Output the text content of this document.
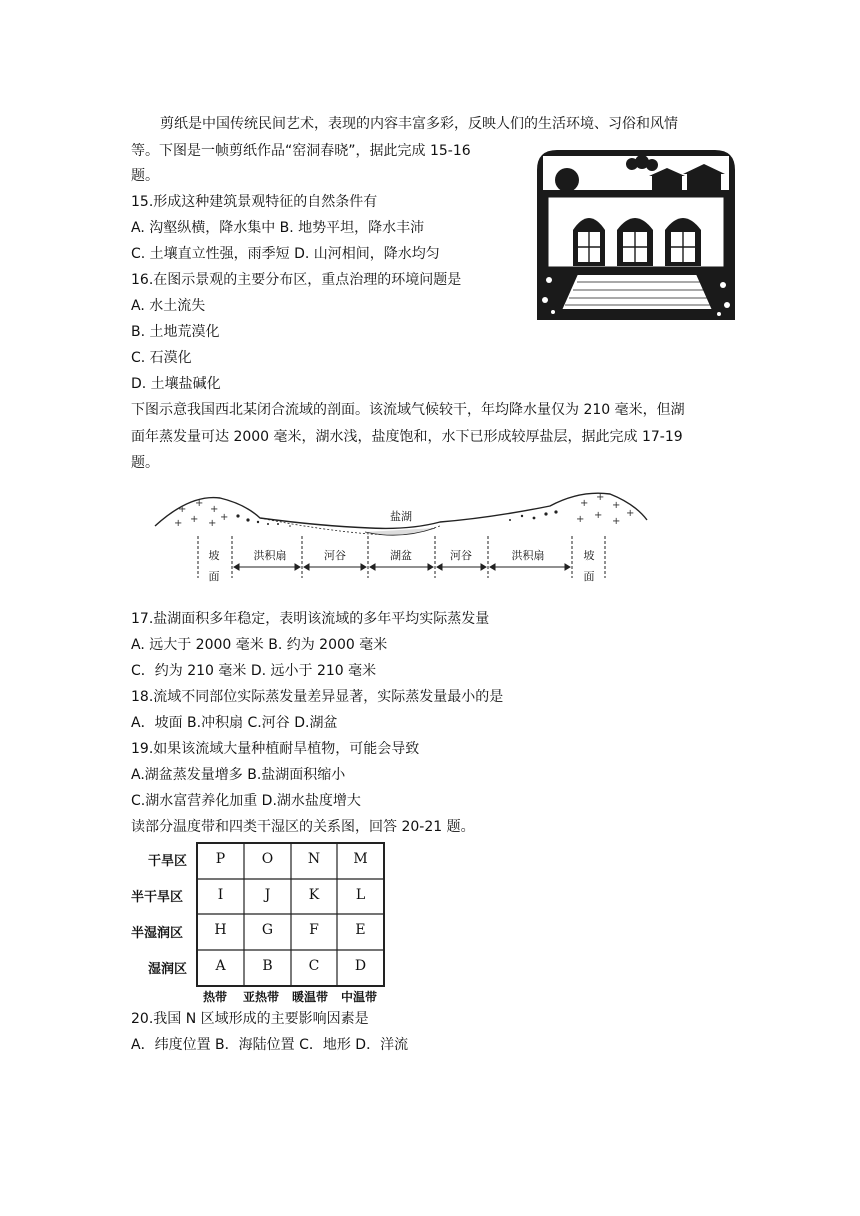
剪纸是中国传统民间艺术，表现的内容丰富多彩，反映人们的生活环境、习俗和风情
等。下图是一帧剪纸作品“窑洞春晓”，据此完成 15-16
题。
15.形成这种建筑景观特征的自然条件有
A. 沟壑纵横，降水集中 B. 地势平坦，降水丰沛
C. 土壤直立性强，雨季短 D. 山河相间，降水均匀
16.在图示景观的主要分布区，重点治理的环境问题是
A. 水土流失
B. 土地荒漠化
C. 石漠化
D. 土壤盐碱化
下图示意我国西北某闭合流域的剖面。该流域气候较干，年均降水量仅为 210 毫米，但湖
面年蒸发量可达 2000 毫米，湖水浅，盐度饱和，水下已形成较厚盐层，据此完成 17-19
题。
+
+
+
+ + +
+
+
+
+
+ +
+
+
盐湖
坡
面
洪积扇	河谷	湖盆	河谷	洪积扇	坡
面
17.盐湖面积多年稳定，表明该流域的多年平均实际蒸发量
A. 远大于 2000 毫米 B. 约为 2000 毫米
C．约为 210 毫米 D. 远小于 210 毫米
18.流域不同部位实际蒸发量差异显著，实际蒸发量最小的是
A．坡面 B.冲积扇 C.河谷 D.湖盆
19.如果该流域大量种植耐旱植物，可能会导致
A.湖盆蒸发量增多 B.盐湖面积缩小
C.湖水富营养化加重 D.湖水盐度增大
读部分温度带和四类干湿区的关系图，回答 20-21 题。
干旱区
半干旱区
半湿润区
湿润区
P	O	N	M
I	J	K	L
H	G	F	E
A	B	C	D
热带 亚热带 暖温带 中温带
20.我国 N 区域形成的主要影响因素是
A．纬度位置 B．海陆位置 C．地形 D．洋流
